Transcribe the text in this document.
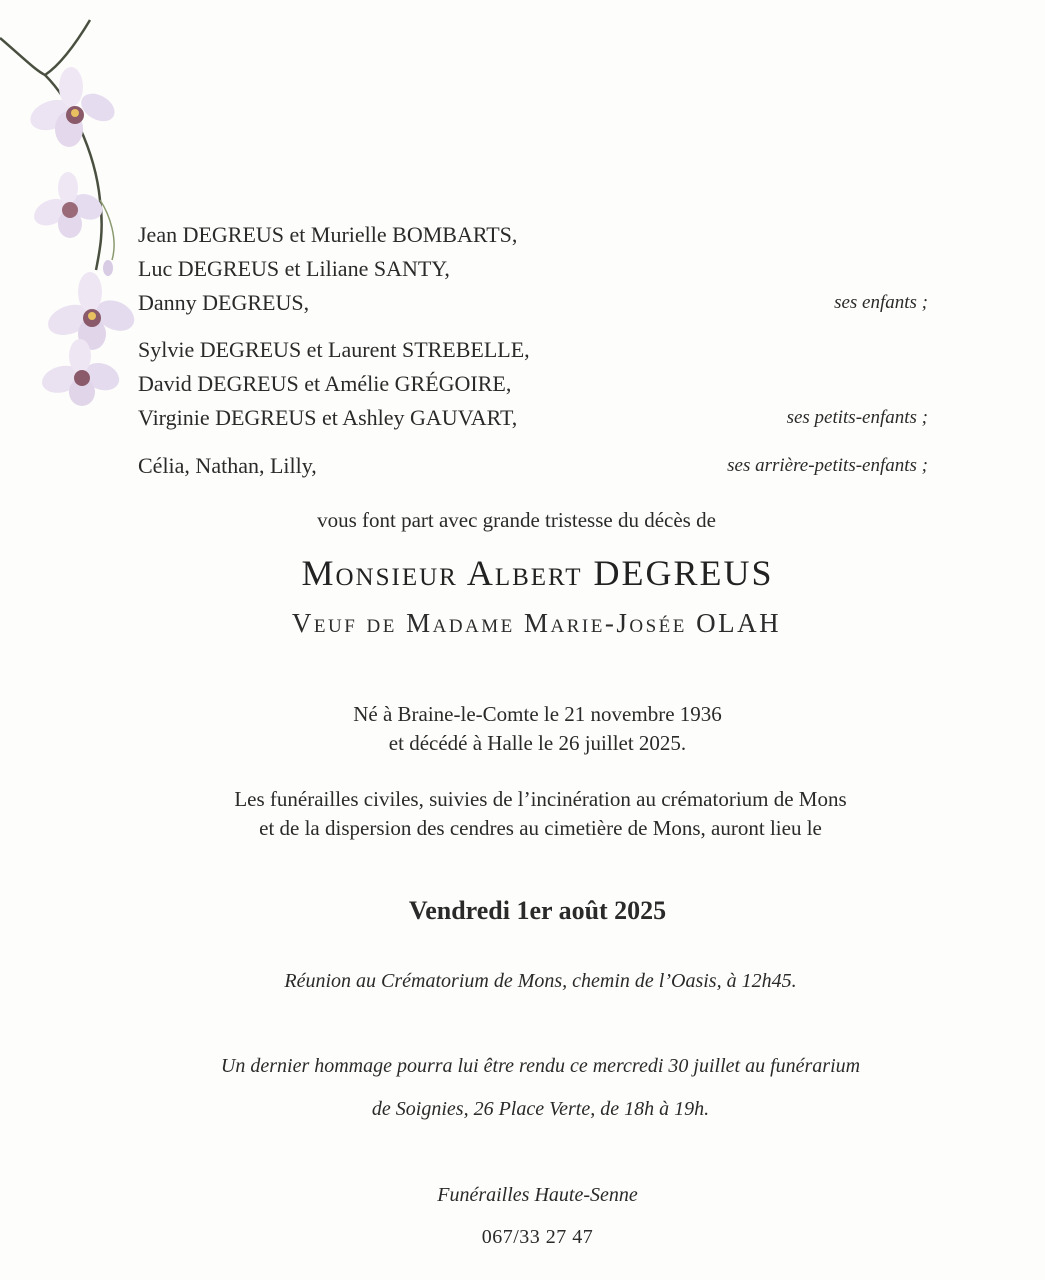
Jean DEGREUS et Murielle BOMBARTS,
Luc DEGREUS et Liliane SANTY,
Danny DEGREUS,	ses enfants ;
Sylvie DEGREUS et Laurent STREBELLE,
David DEGREUS et Amélie GRÉGOIRE,
Virginie DEGREUS et Ashley GAUVART,	ses petits-enfants ;
Célia, Nathan, Lilly,	ses arrière-petits-enfants ;
vous font part avec grande tristesse du décès de
Monsieur Albert DEGREUS
Veuf de Madame Marie-Josée OLAH
Né à Braine-le-Comte le 21 novembre 1936
et décédé à Halle le 26 juillet 2025.
Les funérailles civiles, suivies de l’incinération au crématorium de Mons
et de la dispersion des cendres au cimetière de Mons, auront lieu le
Vendredi 1er août 2025
Réunion au Crématorium de Mons, chemin de l’Oasis, à 12h45.
Un dernier hommage pourra lui être rendu ce mercredi 30 juillet au funérarium
de Soignies, 26 Place Verte, de 18h à 19h.
Funérailles Haute-Senne
067/33 27 47
